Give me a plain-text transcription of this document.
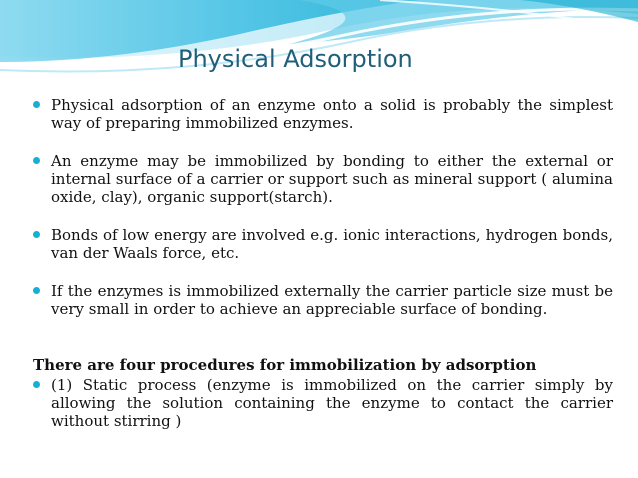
Physical Adsorption
Physical adsorption of an enzyme onto a solid is probably the simplest way of preparing immobilized enzymes.
An enzyme may be immobilized by bonding to either the external or internal surface of a carrier or support such as mineral support ( alumina oxide, clay), organic support(starch).
Bonds of low energy are involved e.g. ionic interactions, hydrogen bonds, van der Waals force, etc.
If the enzymes is immobilized externally the carrier particle size must be very small in order to achieve an appreciable surface of bonding.
There are four procedures for immobilization by adsorption
(1) Static process (enzyme is immobilized on the carrier simply by allowing the solution containing the enzyme to contact the carrier without stirring )
